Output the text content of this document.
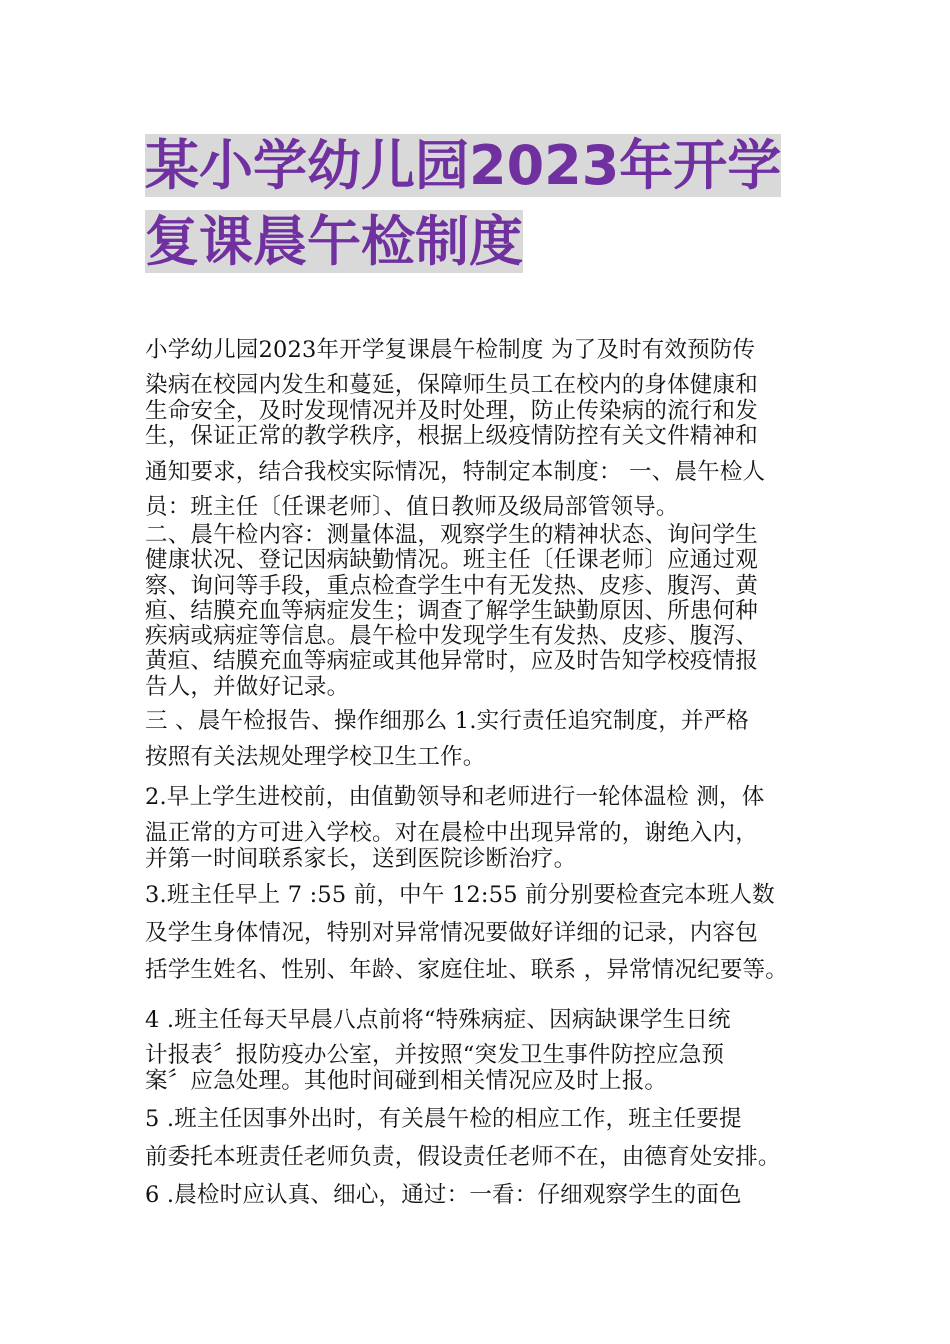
某小学幼儿园2023年开学
复课晨午检制度
小学幼儿园2023年开学复课晨午检制度 为了及时有效预防传
染病在校园内发生和蔓延，保障师生员工在校内的身体健康和
生命安全，及时发现情况并及时处理，防止传染病的流行和发
生，保证正常的教学秩序，根据上级疫情防控有关文件精神和
通知要求，结合我校实际情况，特制定本制度： 一、晨午检人
员：班主任〔任课老师〕、值日教师及级局部管领导。
二、晨午检内容：测量体温，观察学生的精神状态、询问学生
健康状况、登记因病缺勤情况。班主任〔任课老师〕应通过观
察、询问等手段，重点检查学生中有无发热、皮疹、腹泻、黄
疸、结膜充血等病症发生；调查了解学生缺勤原因、所患何种
疾病或病症等信息。晨午检中发现学生有发热、皮疹、腹泻、
黄疸、结膜充血等病症或其他异常时，应及时告知学校疫情报
告人，并做好记录。
三 、晨午检报告、操作细那么 1.实行责任追究制度，并严格
按照有关法规处理学校卫生工作。
2.早上学生进校前，由值勤领导和老师进行一轮体温检 测，体
温正常的方可进入学校。对在晨检中出现异常的，谢绝入内，
并第一时间联系家长，送到医院诊断治疗。
3.班主任早上 7 :55 前，中午 12:55 前分别要检查完本班人数
及学生身体情况，特别对异常情况要做好详细的记录，内容包
括学生姓名、性别、年龄、家庭住址、联系 ，异常情况纪要等。
4 .班主任每天早晨八点前将“特殊病症、因病缺课学生日统
计报表〞报防疫办公室，并按照“突发卫生事件防控应急预
案〞应急处理。其他时间碰到相关情况应及时上报。
5 .班主任因事外出时，有关晨午检的相应工作，班主任要提
前委托本班责任老师负责，假设责任老师不在，由德育处安排。
6 .晨检时应认真、细心，通过：一看：仔细观察学生的面色
